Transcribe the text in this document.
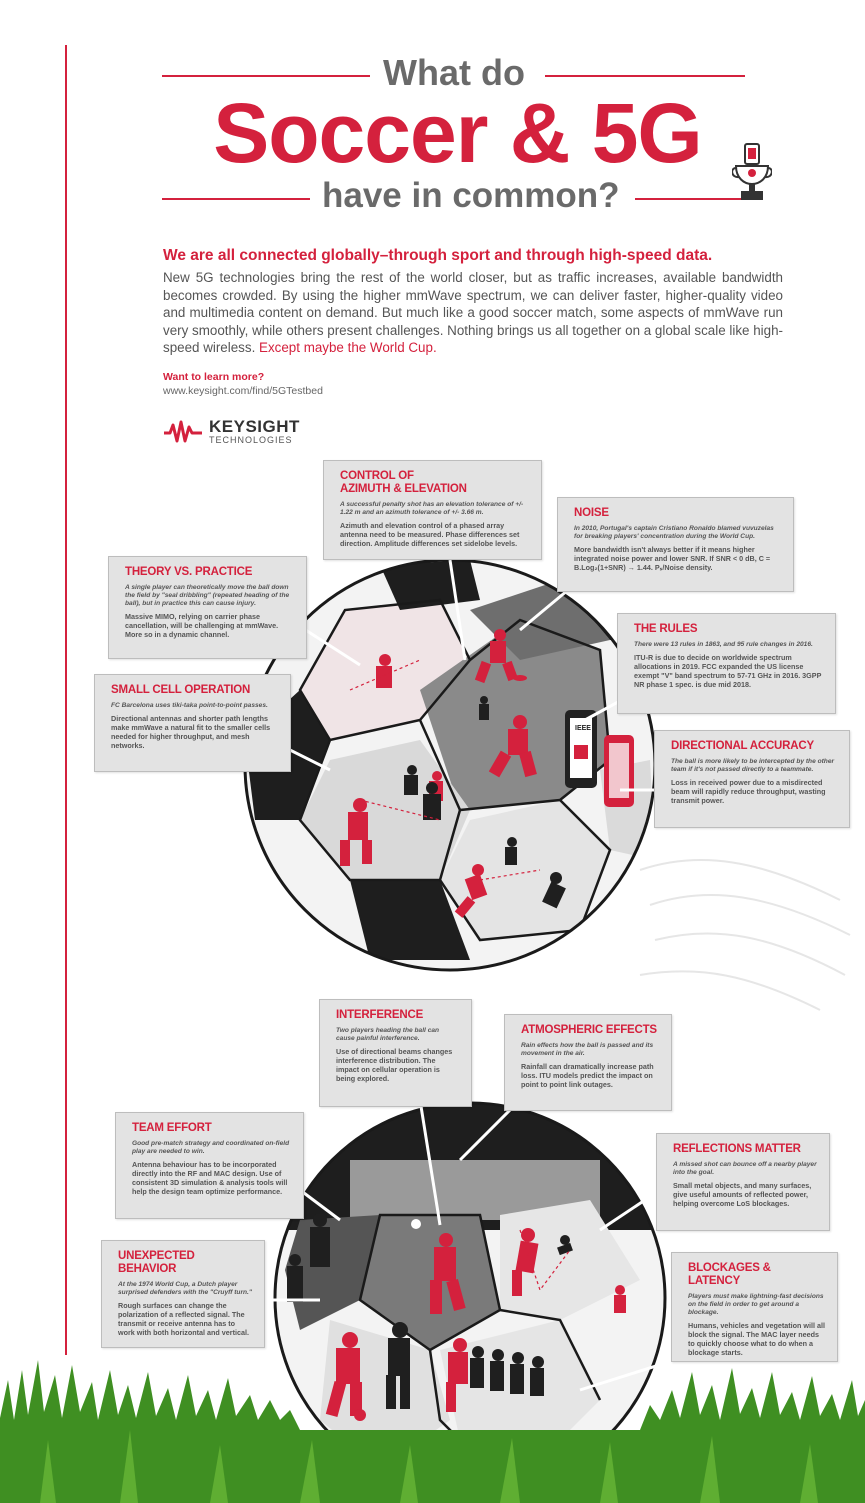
What do
Soccer & 5G
have in common?
We are all connected globally–through sport and through high-speed data.
New 5G technologies bring the rest of the world closer, but as traffic increases, available bandwidth becomes crowded. By using the higher mmWave spectrum, we can deliver faster, higher-quality video and multimedia content on demand. But much like a good soccer match, some aspects of mmWave run very smoothly, while others present challenges. Nothing brings us all together on a global scale like high-speed wireless. Except maybe the World Cup.
Want to learn more?
www.keysight.com/find/5GTestbed
KEYSIGHT
TECHNOLOGIES
IEEE
CONTROL OF
AZIMUTH & ELEVATION
A successful penalty shot has an elevation tolerance of +/- 1.22 m and an azimuth tolerance of +/- 3.66 m.
Azimuth and elevation control of a phased array antenna need to be measured. Phase differences set direction. Amplitude differences set sidelobe levels.
NOISE
In 2010, Portugal's captain Cristiano Ronaldo blamed vuvuzelas for breaking players' concentration during the World Cup.
More bandwidth isn't always better if it means higher integrated noise power and lower SNR. If SNR < 0 dB, C = B.Log₂(1+SNR) → 1.44. Pₛ/Noise density.
THEORY VS. PRACTICE
A single player can theoretically move the ball down the field by "seal dribbling" (repeated heading of the ball), but in practice this can cause injury.
Massive MIMO, relying on carrier phase cancellation, will be challenging at mmWave. More so in a dynamic channel.	THE RULES
There were 13 rules in 1863, and 95 rule changes in 2016.
ITU-R is due to decide on worldwide spectrum allocations in 2019. FCC expanded the US license exempt "V" band spectrum to 57-71 GHz in 2016. 3GPP NR phase 1 spec. is due mid 2018.
SMALL CELL OPERATION
FC Barcelona uses tiki-taka point-to-point passes.
Directional antennas and shorter path lengths make mmWave a natural fit to the smaller cells needed for higher throughput, and mesh networks.	DIRECTIONAL ACCURACY
The ball is more likely to be intercepted by the other team if it's not passed directly to a teammate.
Loss in received power due to a misdirected beam will rapidly reduce throughput, wasting transmit power.
INTERFERENCE
Two players heading the ball can cause painful interference.
Use of directional beams changes interference distribution. The impact on cellular operation is being explored.
ATMOSPHERIC EFFECTS
Rain effects how the ball is passed and its movement in the air.
Rainfall can dramatically increase path loss. ITU models predict the impact on point to point link outages.
TEAM EFFORT
Good pre-match strategy and coordinated on-field play are needed to win.
Antenna behaviour has to be incorporated directly into the RF and MAC design. Use of consistent 3D simulation & analysis tools will help the design team optimize performance.
REFLECTIONS MATTER
A missed shot can bounce off a nearby player into the goal.
Small metal objects, and many surfaces, give useful amounts of reflected power, helping overcome LoS blockages.
UNEXPECTED BEHAVIOR
At the 1974 World Cup, a Dutch player surprised defenders with the "Cruyff turn."
Rough surfaces can change the polarization of a reflected signal. The transmit or receive antenna has to work with both horizontal and vertical.
BLOCKAGES & LATENCY
Players must make lightning-fast decisions on the field in order to get around a blockage.
Humans, vehicles and vegetation will all block the signal. The MAC layer needs to quickly choose what to do when a blockage starts.
